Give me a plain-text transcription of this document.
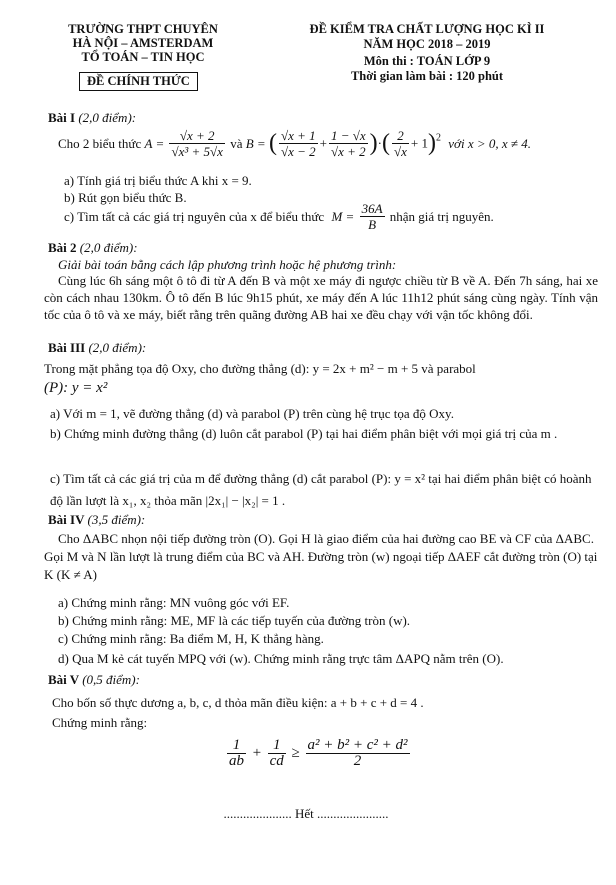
TRƯỜNG THPT CHUYÊN
HÀ NỘI – AMSTERDAM
TỔ TOÁN – TIN HỌC
ĐỀ CHÍNH THỨC
ĐỀ KIỂM TRA CHẤT LƯỢNG HỌC KÌ II
NĂM HỌC 2018 – 2019
Môn thi : TOÁN LỚP 9
Thời gian làm bài : 120 phút
Bài I (2,0 điểm):
Cho 2 biểu thức $A = \frac{√x + 2}{\text{√x³ + 5√x}}$ và B = ( $\frac{√x + 1}{√x - 2} + \frac{1 - √x}{√x + 2}$ )·( $\frac{2}{√x} + 1)^2$ với x > 0, x ≠ 4.
a) Tính giá trị biểu thức A khi x = 9.
b) Rút gọn biểu thức B.
c) Tìm tất cả các giá trị nguyên của x để biểu thức $M = \frac{36A}{B}$ nhận giá trị nguyên.
Bài 2 (2,0 điểm):
Giải bài toán bằng cách lập phương trình hoặc hệ phương trình:
Cùng lúc 6h sáng một ô tô đi từ A đến B và một xe máy đi ngược chiều từ B về A. Đến 7h sáng, hai xe còn cách nhau 130km. Ô tô đến B lúc 9h15 phút, xe máy đến A lúc 11h12 phút sáng cùng ngày. Tính vận tốc của ô tô và xe máy, biết rằng trên quãng đường AB hai xe đều chạy với vận tốc không đổi.
Bài III (2,0 điểm):
Trong mặt phẳng tọa độ Oxy, cho đường thẳng (d): y = 2x + m² − m + 5 và parabol
(P): y = x²
a) Với m = 1, vẽ đường thẳng (d) và parabol (P) trên cùng hệ trục tọa độ Oxy.
b) Chứng minh đường thẳng (d) luôn cắt parabol (P) tại hai điểm phân biệt với mọi giá trị của m .
c) Tìm tất cả các giá trị của m để đường thẳng (d) cắt parabol (P): y = x² tại hai điểm phân biệt có hoành độ lần lượt là x₁, x₂ thỏa mãn |2x₁| − |x₂| = 1 .
Bài IV (3,5 điểm):
Cho ΔABC nhọn nội tiếp đường tròn (O). Gọi H là giao điểm của hai đường cao BE và CF của ΔABC. Gọi M và N lần lượt là trung điểm của BC và AH. Đường tròn (w) ngoại tiếp ΔAEF cắt đường tròn (O) tại K (K ≠ A)
a) Chứng minh rằng: MN vuông góc với EF.
b) Chứng minh rằng: ME, MF là các tiếp tuyến của đường tròn (w).
c) Chứng minh rằng: Ba điểm M, H, K thẳng hàng.
d) Qua M kẻ cát tuyến MPQ với (w). Chứng minh rằng trực tâm ΔAPQ nằm trên (O).
Bài V (0,5 điểm):
Cho bốn số thực dương a, b, c, d thỏa mãn điều kiện: a + b + c + d = 4 .
Chứng minh rằng:
$\frac{1}{ab} + \frac{1}{cd} \ge \frac{\text{a² + b² + c² + d²}}{2}$
..................... Hết ......................
